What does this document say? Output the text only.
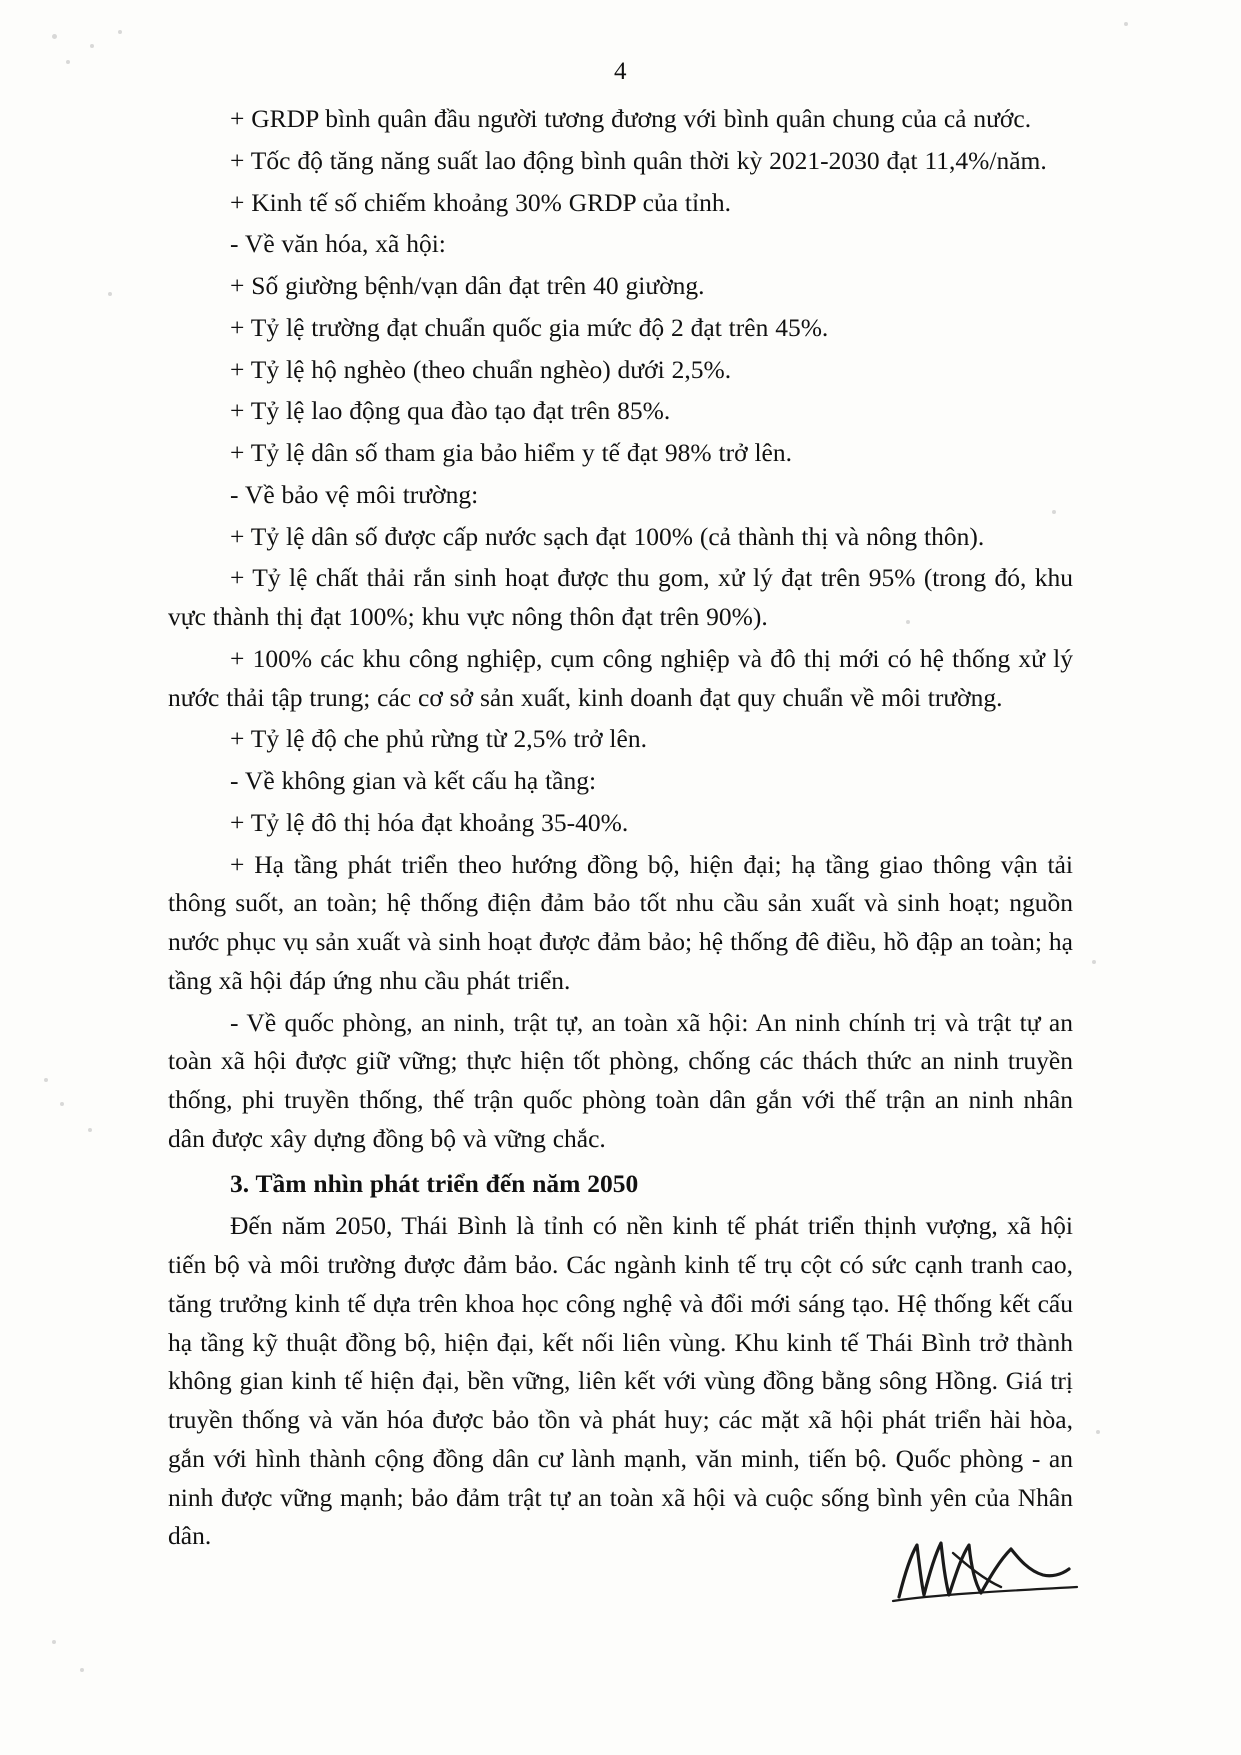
4

+ GRDP bình quân đầu người tương đương với bình quân chung của cả nước.

+ Tốc độ tăng năng suất lao động bình quân thời kỳ 2021-2030 đạt 11,4%/năm.

+ Kinh tế số chiếm khoảng 30% GRDP của tỉnh.

- Về văn hóa, xã hội:

+ Số giường bệnh/vạn dân đạt trên 40 giường.

+ Tỷ lệ trường đạt chuẩn quốc gia mức độ 2 đạt trên 45%.

+ Tỷ lệ hộ nghèo (theo chuẩn nghèo) dưới 2,5%.

+ Tỷ lệ lao động qua đào tạo đạt trên 85%.

+ Tỷ lệ dân số tham gia bảo hiểm y tế đạt 98% trở lên.

- Về bảo vệ môi trường:

+ Tỷ lệ dân số được cấp nước sạch đạt 100% (cả thành thị và nông thôn).

+ Tỷ lệ chất thải rắn sinh hoạt được thu gom, xử lý đạt trên 95% (trong đó, khu vực thành thị đạt 100%; khu vực nông thôn đạt trên 90%).

+ 100% các khu công nghiệp, cụm công nghiệp và đô thị mới có hệ thống xử lý nước thải tập trung; các cơ sở sản xuất, kinh doanh đạt quy chuẩn về môi trường.

+ Tỷ lệ độ che phủ rừng từ 2,5% trở lên.

- Về không gian và kết cấu hạ tầng:

+ Tỷ lệ đô thị hóa đạt khoảng 35-40%.

+ Hạ tầng phát triển theo hướng đồng bộ, hiện đại; hạ tầng giao thông vận tải thông suốt, an toàn; hệ thống điện đảm bảo tốt nhu cầu sản xuất và sinh hoạt; nguồn nước phục vụ sản xuất và sinh hoạt được đảm bảo; hệ thống đê điều, hồ đập an toàn; hạ tầng xã hội đáp ứng nhu cầu phát triển.

- Về quốc phòng, an ninh, trật tự, an toàn xã hội: An ninh chính trị và trật tự an toàn xã hội được giữ vững; thực hiện tốt phòng, chống các thách thức an ninh truyền thống, phi truyền thống, thế trận quốc phòng toàn dân gắn với thế trận an ninh nhân dân được xây dựng đồng bộ và vững chắc.

3. Tầm nhìn phát triển đến năm 2050

Đến năm 2050, Thái Bình là tỉnh có nền kinh tế phát triển thịnh vượng, xã hội tiến bộ và môi trường được đảm bảo. Các ngành kinh tế trụ cột có sức cạnh tranh cao, tăng trưởng kinh tế dựa trên khoa học công nghệ và đổi mới sáng tạo. Hệ thống kết cấu hạ tầng kỹ thuật đồng bộ, hiện đại, kết nối liên vùng. Khu kinh tế Thái Bình trở thành không gian kinh tế hiện đại, bền vững, liên kết với vùng đồng bằng sông Hồng. Giá trị truyền thống và văn hóa được bảo tồn và phát huy; các mặt xã hội phát triển hài hòa, gắn với hình thành cộng đồng dân cư lành mạnh, văn minh, tiến bộ. Quốc phòng - an ninh được vững mạnh; bảo đảm trật tự an toàn xã hội và cuộc sống bình yên của Nhân dân.
